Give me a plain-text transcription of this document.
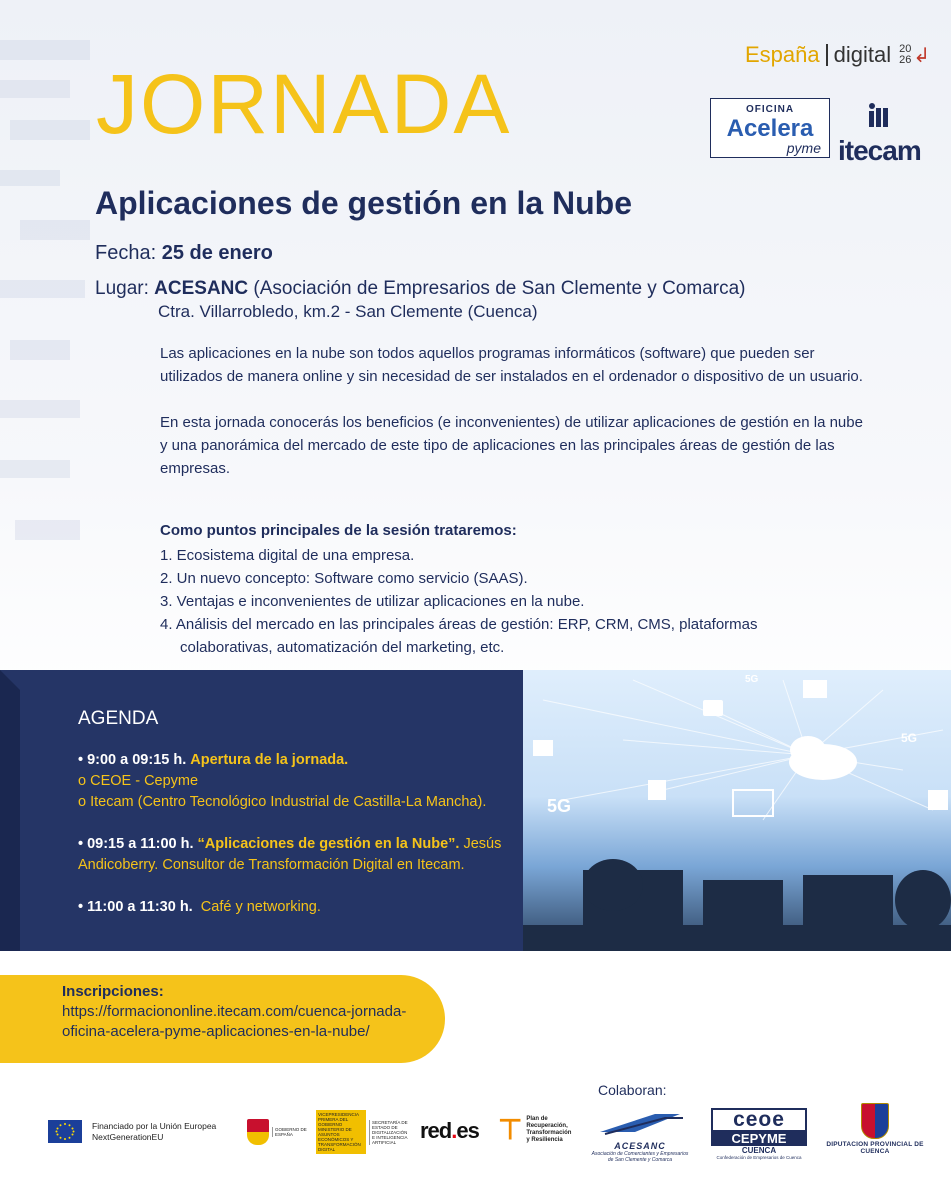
España digital 20
26 ↲
JORNADA	OFICINA
Acelera
pyme itecam
Aplicaciones de gestión en la Nube
Fecha: 25 de enero
Lugar: ACESANC (Asociación de Empresarios de San Clemente y Comarca)
Ctra. Villarrobledo, km.2 - San Clemente (Cuenca)

Las aplicaciones en la nube son todos aquellos programas informáticos (software) que pueden ser utilizados de manera online y sin necesidad de ser instalados en el ordenador o dispositivo de un usuario.

En esta jornada conocerás los beneficios (e inconvenientes) de utilizar aplicaciones de gestión en la nube y una panorámica del mercado de este tipo de aplicaciones en las principales áreas de gestión de las empresas.

Como puntos principales de la sesión trataremos:
1. Ecosistema digital de una empresa.
2. Un nuevo concepto: Software como servicio (SAAS).
3. Ventajas e inconvenientes de utilizar aplicaciones en la nube.
4. Análisis del mercado en las principales áreas de gestión: ERP, CRM, CMS, plataformas
colaborativas, automatización del marketing, etc.
5G
5G
5G
AGENDA
• 9:00 a 09:15 h. Apertura de la jornada.
o CEOE - Cepyme
o Itecam (Centro Tecnológico Industrial de Castilla-La Mancha).
• 09:15 a 11:00 h. “Aplicaciones de gestión en la Nube”. Jesús
Andicoberry. Consultor de Transformación Digital en Itecam.
• 11:00 a 11:30 h. Café y networking.
Inscripciones:
https://formaciononline.itecam.com/cuenca-jornada-oficina-acelera-pyme-aplicaciones-en-la-nube/
Colaboran:
Financiado por la Unión Europea
NextGenerationEU
GOBIERNO DE ESPAÑA
VICEPRESIDENCIA PRIMERA DEL GOBIERNO MINISTERIO DE ASUNTOS ECONÓMICOS Y TRANSFORMACIÓN DIGITAL
SECRETARÍA DE ESTADO DE DIGITALIZACIÓN E INTELIGENCIA ARTIFICIAL	red.es ⊤ Plan de
Recuperación,
Transformación
y Resiliencia
ACESANC
Asociación de Comerciantes y Empresarios de San Clemente y Comarca
ceoe
CEPYME
CUENCA
Confederación de Empresarios de Cuenca
DIPUTACION PROVINCIAL DE CUENCA
